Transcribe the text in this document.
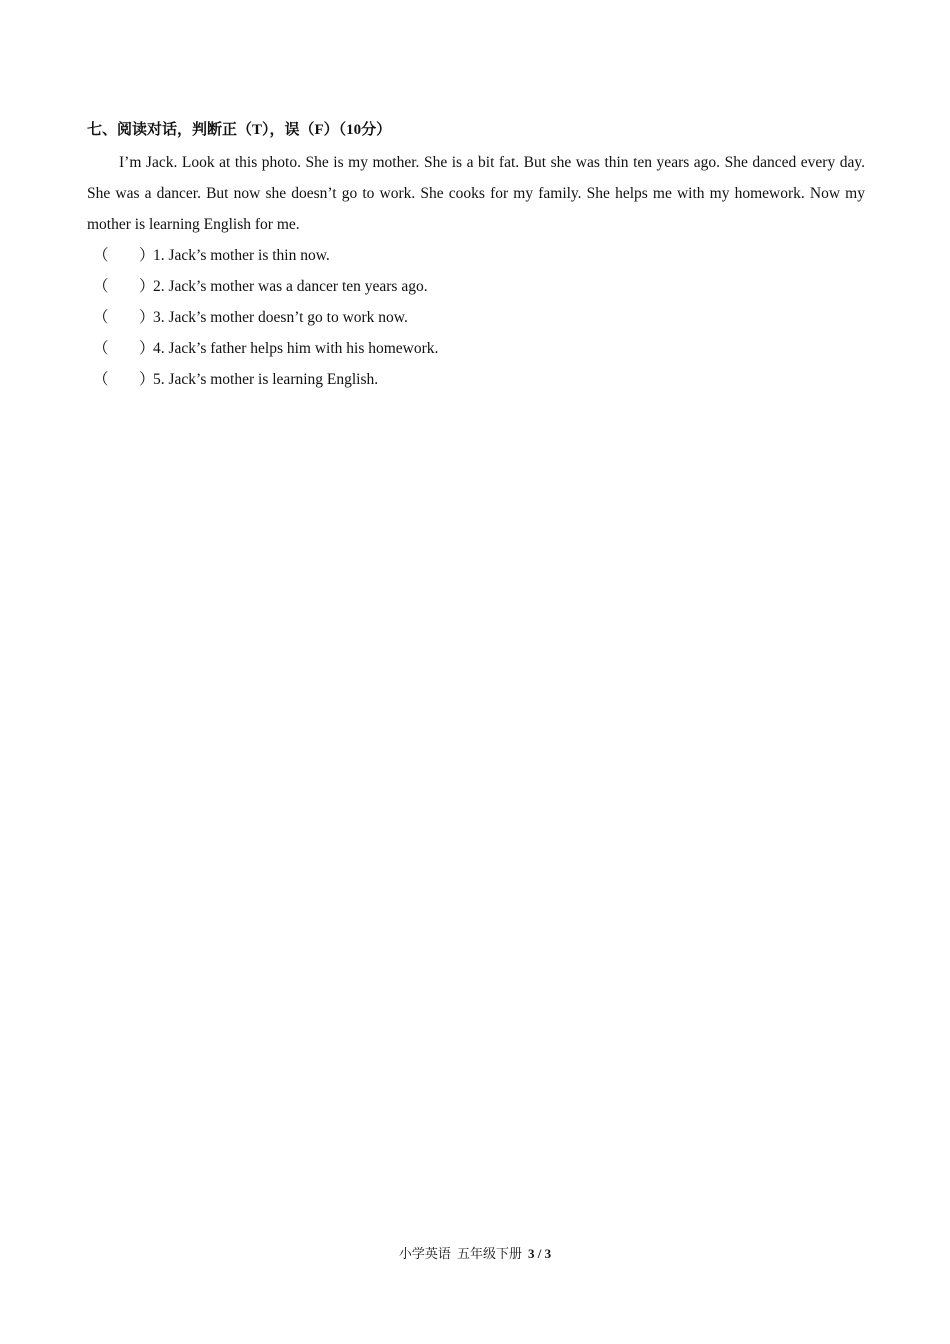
七、阅读对话，判断正（T），误（F）（10分）

I’m Jack. Look at this photo. She is my mother. She is a bit fat. But she was thin ten years ago. She danced every day. She was a dancer. But now she doesn’t go to work. She cooks for my family. She helps me with my homework. Now my mother is learning English for me.

（ ）
1. Jack’s mother is thin now.
（ ）
2. Jack’s mother was a dancer ten years ago.
（ ）
3. Jack’s mother doesn’t go to work now.
（ ）
4. Jack’s father helps him with his homework.
（ ）
5. Jack’s mother is learning English.
小学英语 五年级下册 3 / 3
